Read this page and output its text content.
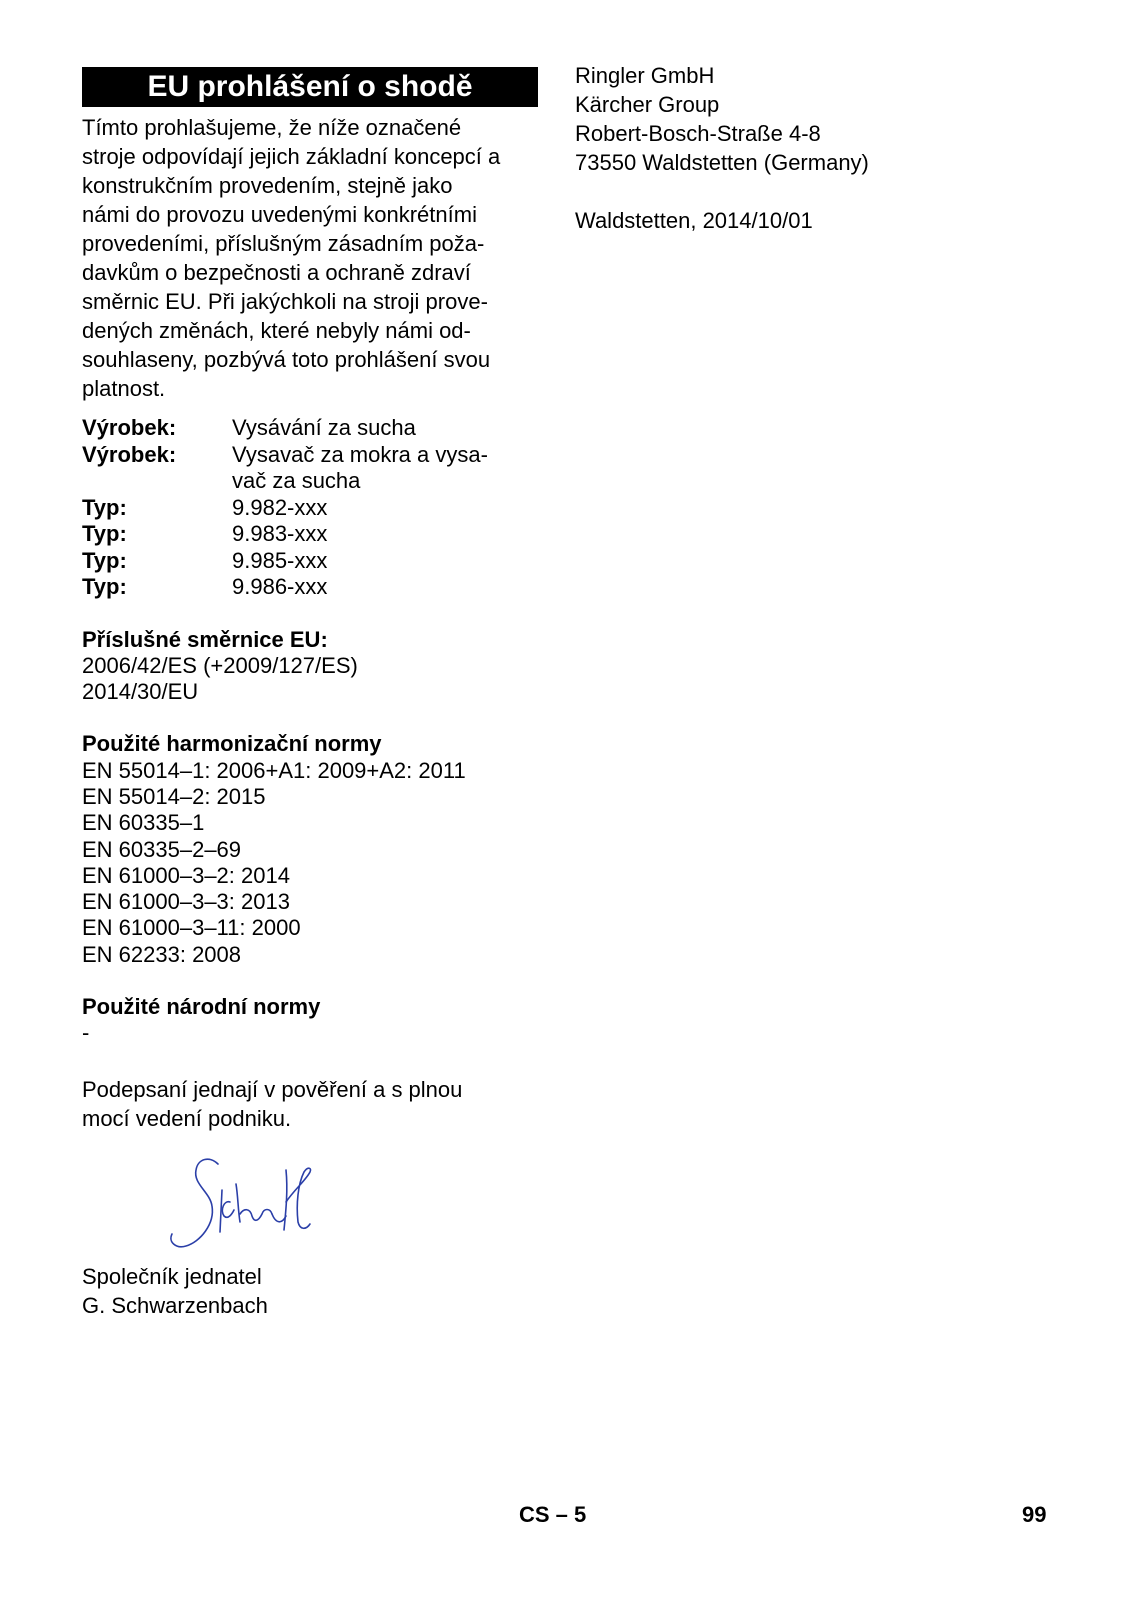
EU prohlášení o shodě
Tímto prohlašujeme, že níže označené
stroje odpovídají jejich základní koncepcí a
konstrukčním provedením, stejně jako
námi do provozu uvedenými konkrétními
provedeními, příslušným zásadním poža-
davkům o bezpečnosti a ochraně zdraví
směrnic EU. Při jakýchkoli na stroji prove-
dených změnách, které nebyly námi od-
souhlaseny, pozbývá toto prohlášení svou
platnost.
Výrobek:	Vysávání za sucha
Výrobek:	Vysavač za mokra a vysa-
vač za sucha
Typ:	9.982-xxx
Typ:	9.983-xxx
Typ:	9.985-xxx
Typ:	9.986-xxx
Příslušné směrnice EU:
2006/42/ES (+2009/127/ES)
2014/30/EU
Použité harmonizační normy
EN 55014–1: 2006+A1: 2009+A2: 2011
EN 55014–2: 2015
EN 60335–1
EN 60335–2–69
EN 61000–3–2: 2014
EN 61000–3–3: 2013
EN 61000–3–11: 2000
EN 62233: 2008
Použité národní normy
-
Podepsaní jednají v pověření a s plnou
mocí vedení podniku.
Společník jednatel
G. Schwarzenbach
Ringler GmbH
Kärcher Group
Robert-Bosch-Straße 4-8
73550 Waldstetten (Germany)
Waldstetten, 2014/10/01
CS – 5	99
